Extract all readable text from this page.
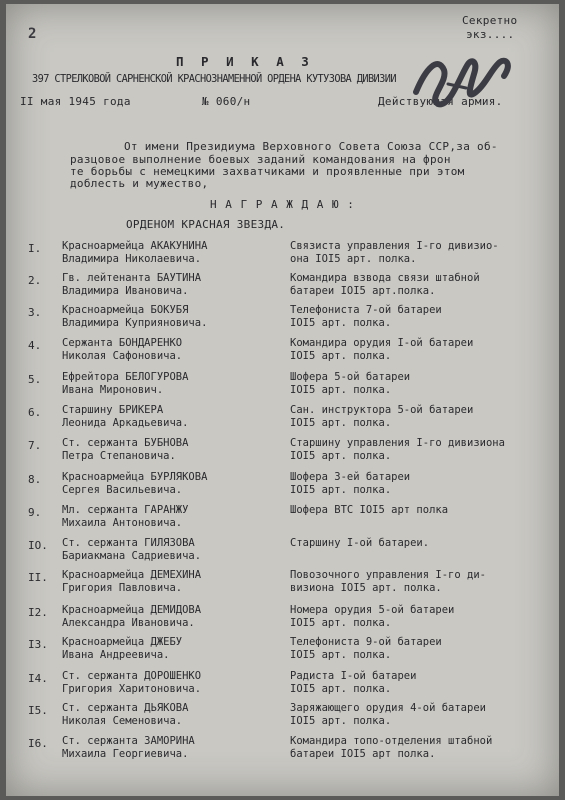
2
Секретно
экз....
П Р И К А З
397 СТРЕЛКОВОЙ САРНЕНСКОЙ КРАСНОЗНАМЕННОЙ ОРДЕНА КУТУЗОВА ДИВИЗИИ
II мая 1945 года	№ 060/н	Действующая армия.
От имени Президиума Верховного Совета Союза ССР,за об-
разцовое выполнение боевых заданий командования на фрон
те борьбы с немецкими захватчиками и проявленные при этом
доблесть и мужество,
Н А Г Р А Ж Д А Ю :
ОРДЕНОМ КРАСНАЯ ЗВЕЗДА.
I. Красноармейца АКАКУНИНА
Владимира Николаевича.
Связиста управления I-го дивизио-
она IOI5 арт. полка.
2. Гв. лейтенанта БАУТИНА
Владимира Ивановича.
Командира взвода связи штабной
батареи IOI5 арт.полка.
3. Красноармейца БОКУБЯ
Владимира Куприяновича.
Телефониста 7-ой батареи
IOI5 арт. полка.
4. Сержанта БОНДАРЕНКО
Николая Сафоновича.
Командира орудия I-ой батареи
IOI5 арт. полка.
5. Ефрейтора БЕЛОГУРОВА
Ивана Миронович.
Шофера 5-ой батареи
IOI5 арт. полка.
6. Старшину БРИКЕРА
Леонида Аркадьевича.
Сан. инструктора 5-ой батареи
IOI5 арт. полка.
7. Ст. сержанта БУБНОВА
Петра Степановича.
Старшину управления I-го дивизиона
IOI5 арт. полка.
8. Красноармейца БУРЛЯКОВА
Сергея Васильевича.
Шофера 3-ей батареи
IOI5 арт. полка.
9. Мл. сержанта ГАРАНЖУ
Михаила Антоновича.
Шофера ВТС IOI5 арт полка
IO. Ст. сержанта ГИЛЯЗОВА
Бариакмана Садриевича.
Старшину I-ой батареи.
II. Красноармейца ДЕМЕХИНА
Григория Павловича.
Повозочного управления I-го ди-
визиона IOI5 арт. полка.
I2. Красноармейца ДЕМИДОВА
Александра Ивановича.
Номера орудия 5-ой батареи
IOI5 арт. полка.
I3. Красноармейца ДЖЕБУ
Ивана Андреевича.
Телефониста 9-ой батареи
IOI5 арт. полка.
I4. Ст. сержанта ДОРОШЕНКО
Григория Харитоновича.
Радиста I-ой батареи
IOI5 арт. полка.
I5. Ст. сержанта ДЬЯКОВА
Николая Семеновича.
Заряжающего орудия 4-ой батареи
IOI5 арт. полка.
I6. Ст. сержанта ЗАМОРИНА
Михаила Георгиевича.
Командира топо-отделения штабной
батареи IOI5 арт полка.
